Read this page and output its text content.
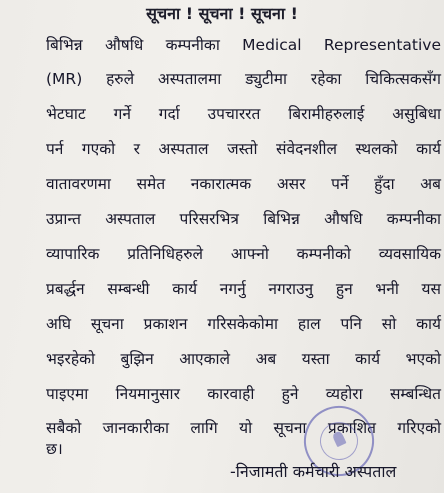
सूचना ! सूचना ! सूचना !
बिभिन्न औषधि कम्पनीका Medical Representative
(MR) हरुले अस्पतालमा ड्युटीमा रहेका चिकित्सकसँग
भेटघाट गर्ने गर्दा उपचाररत बिरामीहरुलाई असुबिधा
पर्न गएको र अस्पताल जस्तो संवेदनशील स्थलको कार्य
वातावरणमा समेत नकारात्मक असर पर्ने हुँदा अब
उप्रान्त अस्पताल परिसरभित्र बिभिन्न औषधि कम्पनीका
व्यापारिक प्रतिनिधिहरुले आफ्नो कम्पनीको व्यवसायिक
प्रबर्द्धन सम्बन्धी कार्य नगर्नु नगराउनु हुन भनी यस
अघि सूचना प्रकाशन गरिसकेकोमा हाल पनि सो कार्य
भइरहेको बुझिन आएकाले अब यस्ता कार्य भएको
पाइएमा नियमानुसार कारवाही हुने व्यहोरा सम्बन्धित
सबैको जानकारीका लागि यो सूचना प्रकाशित गरिएको
छ।
-निजामती कर्मचारी अस्पताल
